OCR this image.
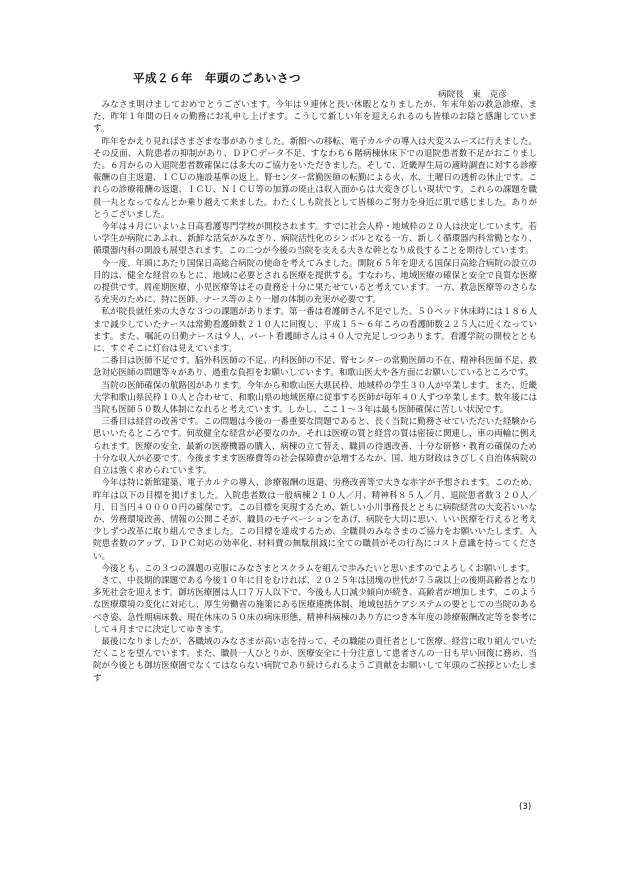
平成２６年　年頭のごあいさつ
病院長　東　克彦

みなさま明けましておめでとうございます。今年は９連休と長い休暇となりましたが、年末年始の救急診療、また、昨年１年間の日々の勤務にお礼申し上げます。こうして新しい年を迎えられるのも皆様のお陰と感謝しています。

昨年をかえり見ればさまざまな事がありました。新館への移転、電子カルテの導入は大変スムーズに行えました。その反面、入院患者の抑制があり、ＤＰＣデータ不足、すなわち６階病棟休床下での退院患者数不足がおこりました。６月からの入退院患者数確保には多大のご協力をいただきました。そして、近畿厚生局の適時調査に対する診療報酬の自主返還、ＩＣＵの施設基準の返上。腎センター常勤医師の転勤による火、水、土曜日の透析の休止です。これらの診療報酬の返還、ＩＣＵ、ＮＩＣＵ等の加算の廃止は収入面からは大変きびしい現状です。これらの課題を職員一丸となってなんとか乗り越えて来ました。わたくしも院長として皆様のご努力を身近に肌で感じました。ありがとうございました。

今年は４月にいよいよ日高看護専門学校が開校されます。すでに社会人枠・地域枠の２０人は決定しています。若い学生が病院にあふれ、新鮮な活気がみなぎり、病院活性化のシンボルとなる一方、新しく循環器内科常勤となり、循環器内科の開設も展望されます。この二つが今後の当院を支える大きな幹となり成長することを期待しています。

今一度、年頭にあたり国保日高総合病院の使命を考えてみました。開院６５年を迎える国保日高総合病院の設立の目的は、健全な経営のもとに、地域に必要とされる医療を提供する。すなわち、地域医療の確保と安全で良質な医療の提供です。周産期医療、小児医療等はその責務を十分に果たせていると考えています。一方、救急医療等のさらなる充実のために、特に医師、ナース等のより一層の体制の充実が必要です。

私が院長就任来の大きな３つの課題があります。第一番は看護師さん不足でした。５０ベッド休床時には１８６人まで減少していたナースは常勤看護師数２１０人に回復し、平成１５〜６年ころの看護師数２２５人に近くなっています。また、嘱託の日勤ナースは９人、パート看護師さんは４０人で充足しつつあります。看護学院の開校とともに、すぐそこに灯台は見えています。

二番目は医師不足です。脳外科医師の不足、内科医師の不足、腎センターの常勤医師の不在、精神科医師不足、救急対応医師の問題等々があり、過重な負担をお願いしています。和歌山医大や各方面にお願いしているところです。

当院の医師確保の航路図があります。今年から和歌山医大県民枠、地域枠の学生３０人が卒業します。また、近畿大学和歌山県民枠１０人と合わせて、和歌山県の地域医療に従事する医師が毎年４０人ずつ卒業します。数年後には当院も医師５０数人体制になれると考えています。しかし、ここ１〜３年は最も医師確保に苦しい状況です。

三番目は経営の改善です。この問題は今後の一番重要な問題であると、長く当院に勤務させていただいた経験から思いいたるところです。何故健全な経営が必要なのか。それは医療の質と経営の質は密接に関連し、車の両輪に例えられます。医療の安全、最新の医療機器の購入、病棟の立て替え、職員の待遇改善、十分な研修・教育の確保のため十分な収入が必要です。今後ますます医療費等の社会保障費が急増するなか、国、地方財政はきびしく自治体病院の自立は強く求められています。

今年は特に新館建築、電子カルテの導入、診療報酬の返還、労務改善等で大きな赤字が予想されます。このため、昨年は以下の目標を掲げました。入院患者数は一般病棟２１０人／月、精神科８５人／月、退院患者数３２０人／月、日当円４００００円の確保です。この目標を実現するため、新しい小川事務長とともに病院経営の大変若いいなか、労務環境改善、情報の公開こそが、職員のモチベーションをあげ、病院を大切に思い、いい医療を行えると考え少しずつ改革に取り組んできました。この目標を達成するため、全職員のみなさまのご協力をお願いいたします。入院患者数のアップ、ＤＰＣ対応の効率化、材料費の無駄削減に全ての職員がその行為にコスト意識を持ってください。

今後とも、この３つの課題の克服にみなさまとスクラムを組んで歩みたいと思いますのでよろしくお願いします。

さて、中長期的課題である今後１０年に目をむければ、２０２５年は団塊の世代が７５歳以上の後期高齢者となり多死社会を迎えます。御坊医療圏は人口７万人以下で、今後も人口減少傾向が続き、高齢者が増加します。このような医療環境の変化に対応し、厚生労働省の施策にある医療連携体制、地域包括ケアシステムの要としての当院のあるべき姿、急性期病床数、現在休床の５０床の病床形態、精神科病棟のあり方につき本年度の診療報酬改定等を参考にして４月までに決定してゆきます。

最後になりましたが、各職域のみなさまが高い志を持って、その職能の責任者として医療、経営に取り組んでいただくことを望んでいます。また、職員一人ひとりが、医療安全に十分注意して患者さんの一日も早い回復に務め、当院が今後とも御坊医療圏でなくてはならない病院であり続けられるようご貢献をお願いして年頭のご挨拶といたします

(3)
